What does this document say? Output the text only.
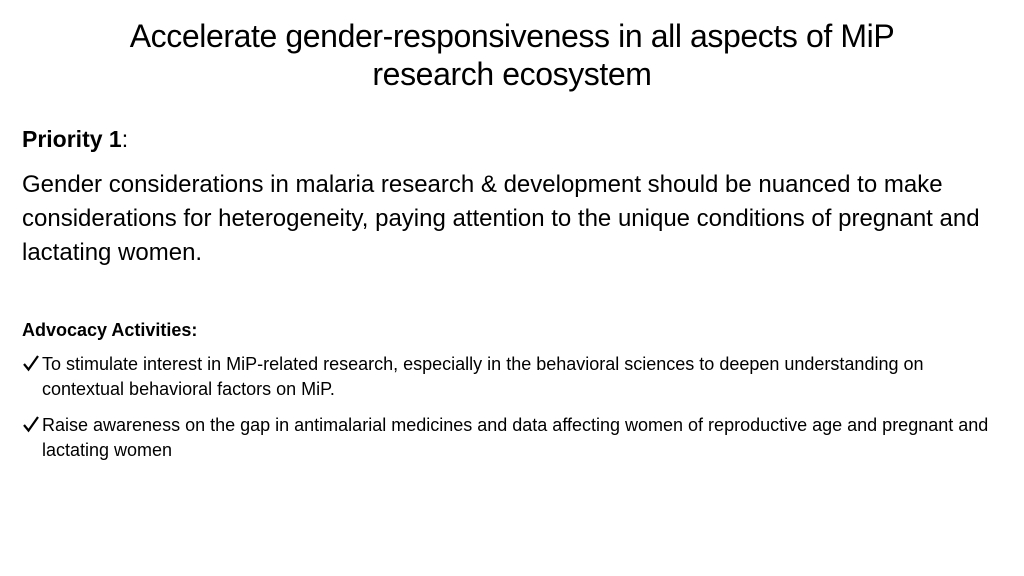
Accelerate gender-responsiveness in all aspects of MiP
research ecosystem
Priority 1:

Gender considerations in malaria research & development should be nuanced to make considerations for heterogeneity, paying attention to the unique conditions of pregnant and lactating women.

Advocacy Activities:
To stimulate interest in MiP-related research, especially in the behavioral sciences to deepen understanding on contextual behavioral factors on MiP.
Raise awareness on the gap in antimalarial medicines and data affecting women of reproductive age and pregnant and lactating women
